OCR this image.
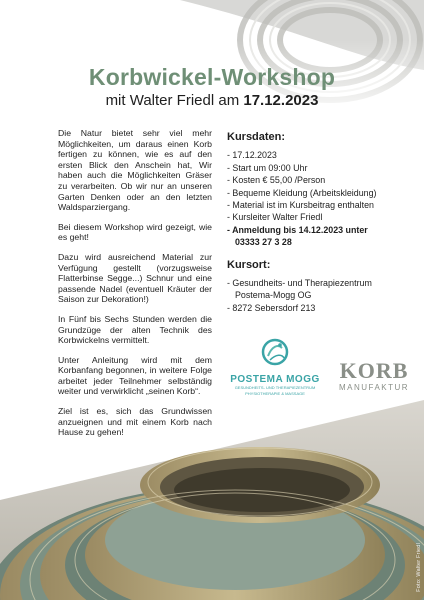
Korbwickel-Workshop
mit Walter Friedl am 17.12.2023

Die Natur bietet sehr viel mehr Möglichkeiten, um daraus einen Korb fertigen zu können, wie es auf den ersten Blick den Anschein hat, Wir haben auch die Möglichkeiten Gräser zu verarbeiten. Ob wir nur an unseren Garten Denken oder an den letzten Waldsparziergang.

Bei diesem Workshop wird gezeigt, wie es geht!

Dazu wird ausreichend Material zur Verfügung gestellt (vorzugsweise Flatterbinse Segge...) Schnur und eine passende Nadel (eventuell Kräuter der Saison zur Dekoration!)

In Fünf bis Sechs Stunden werden die Grundzüge der alten Technik des Korbwickelns vermittelt.

Unter Anleitung wird mit dem Korbanfang begonnen, in weitere Folge arbeitet jeder Teilnehmer selbständig weiter und verwirklicht „seinen Korb“.

Ziel ist es, sich das Grundwissen anzueignen und mit einem Korb nach Hause zu gehen!

Kursdaten:
- 17.12.2023
- Start um 09:00 Uhr
- Kosten € 55,00 /Person
- Bequeme Kleidung (Arbeitskleidung)
- Material ist im Kursbeitrag enthalten
- Kursleiter Walter Friedl
- Anmeldung bis 14.12.2023 unter
03333 27 3 28
Kursort:
- Gesundheits- und Therapiezentrum
Postema-Mogg OG
- 8272 Sebersdorf 213
POSTEMA MOGG
GESUNDHEITS- UND THERAPIEZENTRUM
PHYSIOTHERAPIE & MASSAGE
KORB
MANUFAKTUR
Foto: Walter Friedl
